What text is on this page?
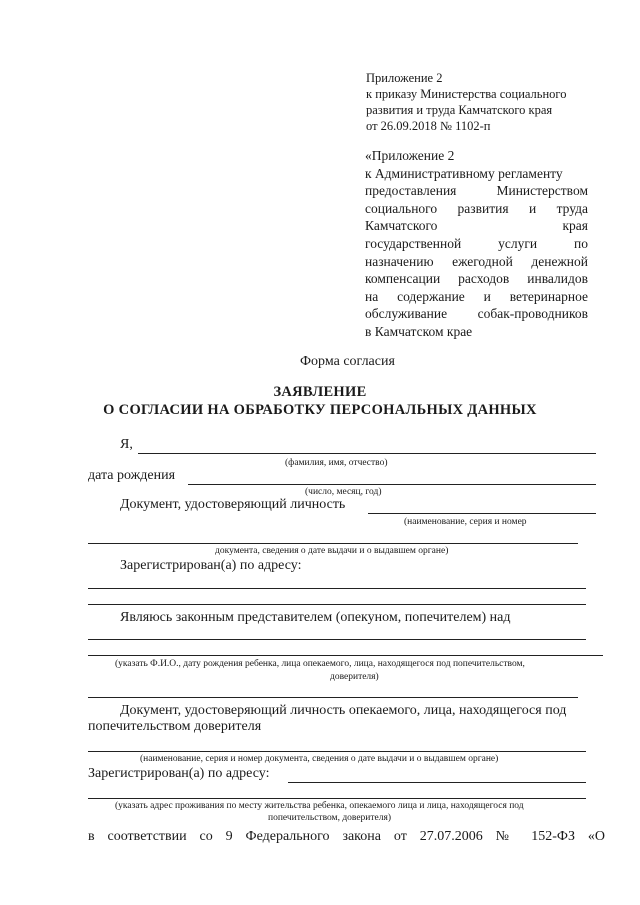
Приложение 2
к приказу Министерства социального
развития и труда Камчатского края
от 26.09.2018 № 1102-п
«Приложение 2
к Административному регламенту
предоставления Министерством
социального развития и труда
Камчатского края
государственной услуги по
назначению ежегодной денежной
компенсации расходов инвалидов
на содержание и ветеринарное
обслуживание собак-проводников
в Камчатском крае
Форма согласия
ЗАЯВЛЕНИЕ
О СОГЛАСИИ НА ОБРАБОТКУ ПЕРСОНАЛЬНЫХ ДАННЫХ
Я,
(фамилия, имя, отчество)
дата рождения
(число, месяц, год)
Документ, удостоверяющий личность
(наименование, серия и номер
документа, сведения о дате выдачи и о выдавшем органе)
Зарегистрирован(а) по адресу:
Являюсь законным представителем (опекуном, попечителем) над
(указать Ф.И.О., дату рождения ребенка, лица опекаемого, лица, находящегося под попечительством,
доверителя)
Документ, удостоверяющий личность опекаемого, лица, находящегося под
попечительством доверителя
(наименование, серия и номер документа, сведения о дате выдачи и о выдавшем органе)
Зарегистрирован(а) по адресу:
(указать адрес проживания по месту жительства ребенка, опекаемого лица и лица, находящегося под
попечительством, доверителя)
в соответствии со 9 Федерального закона от 27.07.2006 № 152-ФЗ «О
